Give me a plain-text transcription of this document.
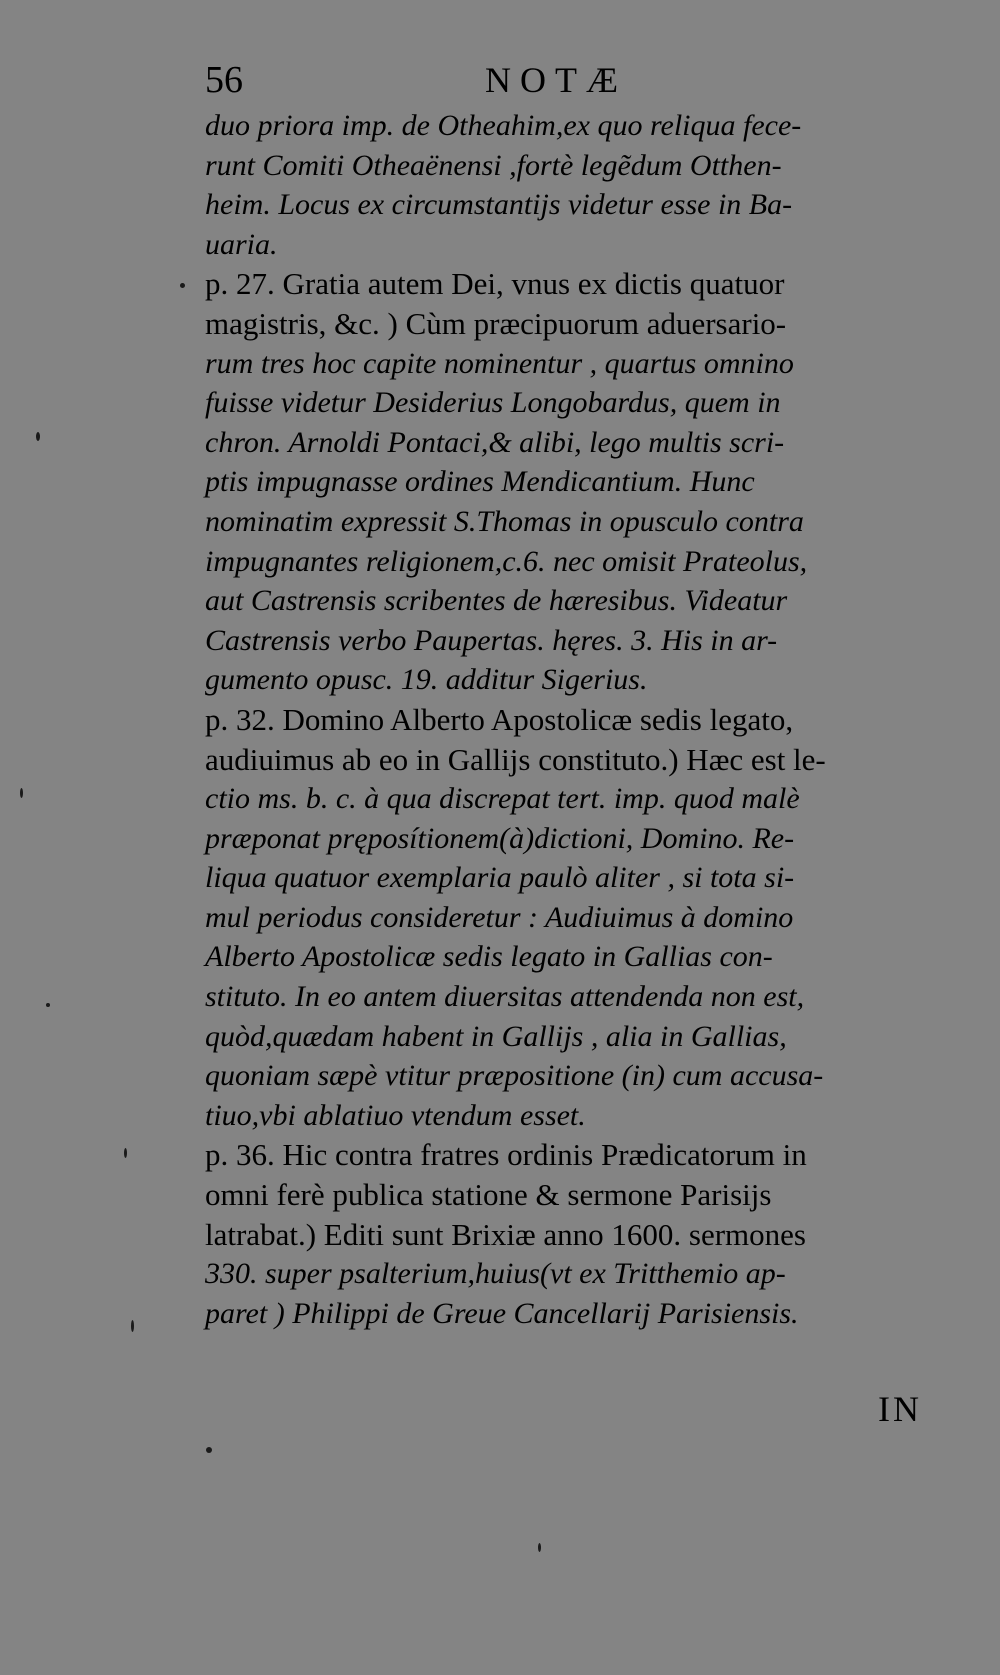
56	NOTÆ
duo priora imp. de Otheahim,ex quo reliqua fece-
runt Comiti Otheaënensi ,fortè legẽdum Otthen-
heim. Locus ex circumstantijs videtur esse in Ba-
uaria.
p. 27. Gratia autem Dei, vnus ex dictis quatuor
magistris, &c. ) Cùm præcipuorum aduersario-
rum tres hoc capite nominentur , quartus omnino
fuisse videtur Desiderius Longobardus, quem in
chron. Arnoldi Pontaci,& alibi, lego multis scri-
ptis impugnasse ordines Mendicantium. Hunc
nominatim expressit S.Thomas in opusculo contra
impugnantes religionem,c.6. nec omisit Prateolus,
aut Castrensis scribentes de hæresibus. Videatur
Castrensis verbo Paupertas. hęres. 3. His in ar-
gumento opusc. 19. additur Sigerius.
p. 32. Domino Alberto Apostolicæ sedis legato,
audiuimus ab eo in Gallijs constituto.) Hæc est le-
ctio ms. b. c. à qua discrepat tert. imp. quod malè
præponat pręposítionem(à)dictioni, Domino. Re-
liqua quatuor exemplaria paulò aliter , si tota si-
mul periodus consideretur : Audiuimus à domino
Alberto Apostolicæ sedis legato in Gallias con-
stituto. In eo antem diuersitas attendenda non est,
quòd,quædam habent in Gallijs , alia in Gallias,
quoniam sæpè vtitur præpositione (in) cum accusa-
tiuo,vbi ablatiuo vtendum esset.
p. 36. Hic contra fratres ordinis Prædicatorum in
omni ferè publica statione & sermone Parisijs
latrabat.) Editi sunt Brixiæ anno 1600. sermones
330. super psalterium,huius(vt ex Tritthemio ap-
paret ) Philippi de Greue Cancellarij Parisiensis.
IN
